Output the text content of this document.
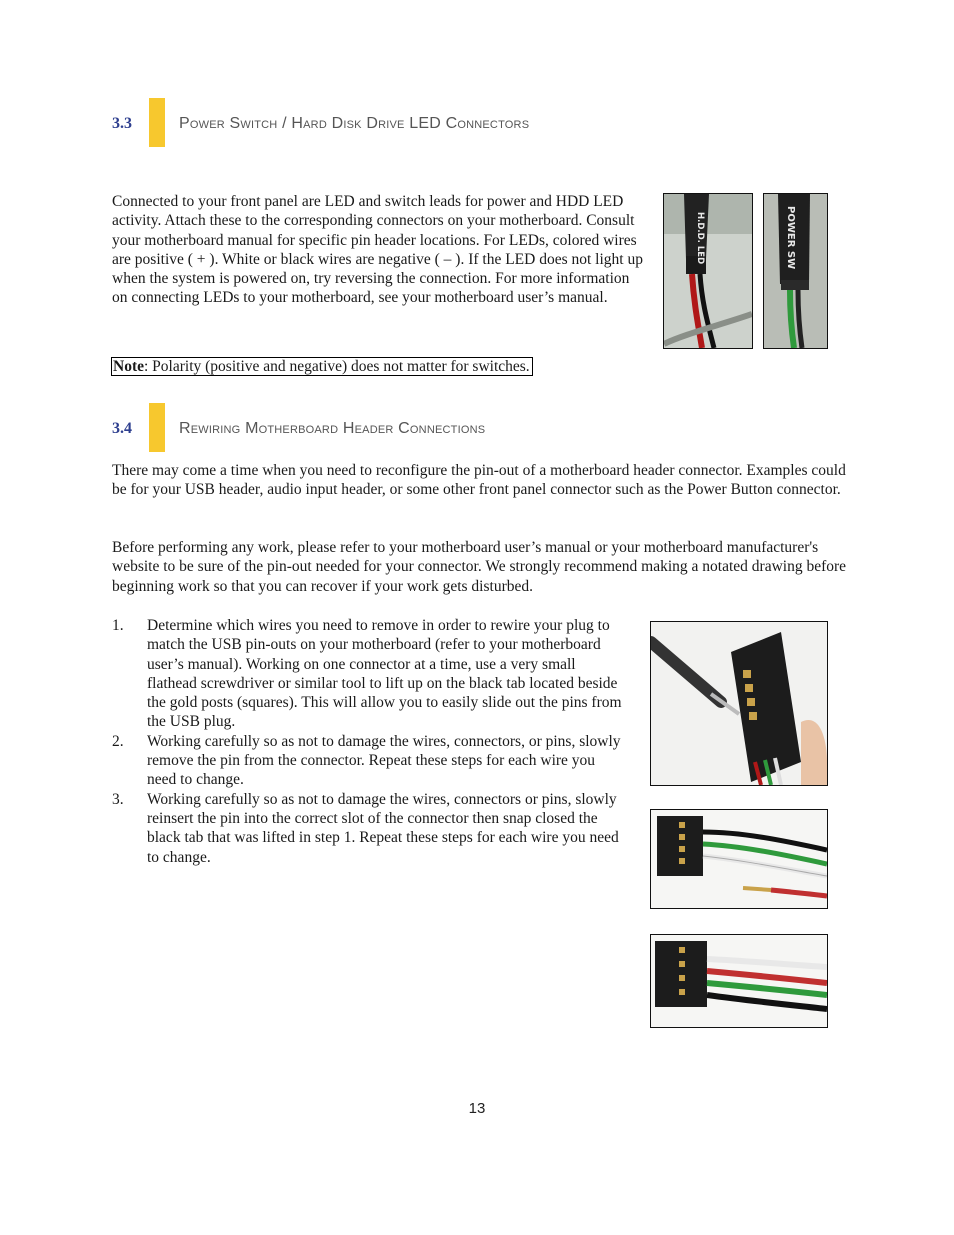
3.3	Power Switch / Hard Disk Drive LED Connectors
Connected to your front panel are LED and switch leads for power and HDD LED activity. Attach these to the corresponding connectors on your motherboard. Consult your motherboard manual for specific pin header locations. For LEDs, colored wires are positive ( + ). White or black wires are negative ( – ). If the LED does not light up when the system is powered on, try reversing the connection. For more information on connecting LEDs to your motherboard, see your motherboard user’s manual.
H.D.D. LED	POWER SW
Note: Polarity (positive and negative) does not matter for switches.
3.4	Rewiring Motherboard Header Connections
There may come a time when you need to reconfigure the pin-out of a motherboard header connector. Examples could be for your USB header, audio input header, or some other front panel connector such as the Power Button connector.
Before performing any work, please refer to your motherboard user’s manual or your motherboard manufacturer's website to be sure of the pin-out needed for your connector. We strongly recommend making a notated drawing before beginning work so that you can recover if your work gets disturbed.
1. Determine which wires you need to remove in order to rewire your plug to match the USB pin-outs on your motherboard (refer to your motherboard user’s manual). Working on one connector at a time, use a very small flathead screwdriver or similar tool to lift up on the black tab located beside the gold posts (squares). This will allow you to easily slide out the pins from the USB plug.
2. Working carefully so as not to damage the wires, connectors, or pins, slowly remove the pin from the connector. Repeat these steps for each wire you need to change.
3. Working carefully so as not to damage the wires, connectors or pins, slowly reinsert the pin into the correct slot of the connector then snap closed the black tab that was lifted in step 1. Repeat these steps for each wire you need to change.
13
